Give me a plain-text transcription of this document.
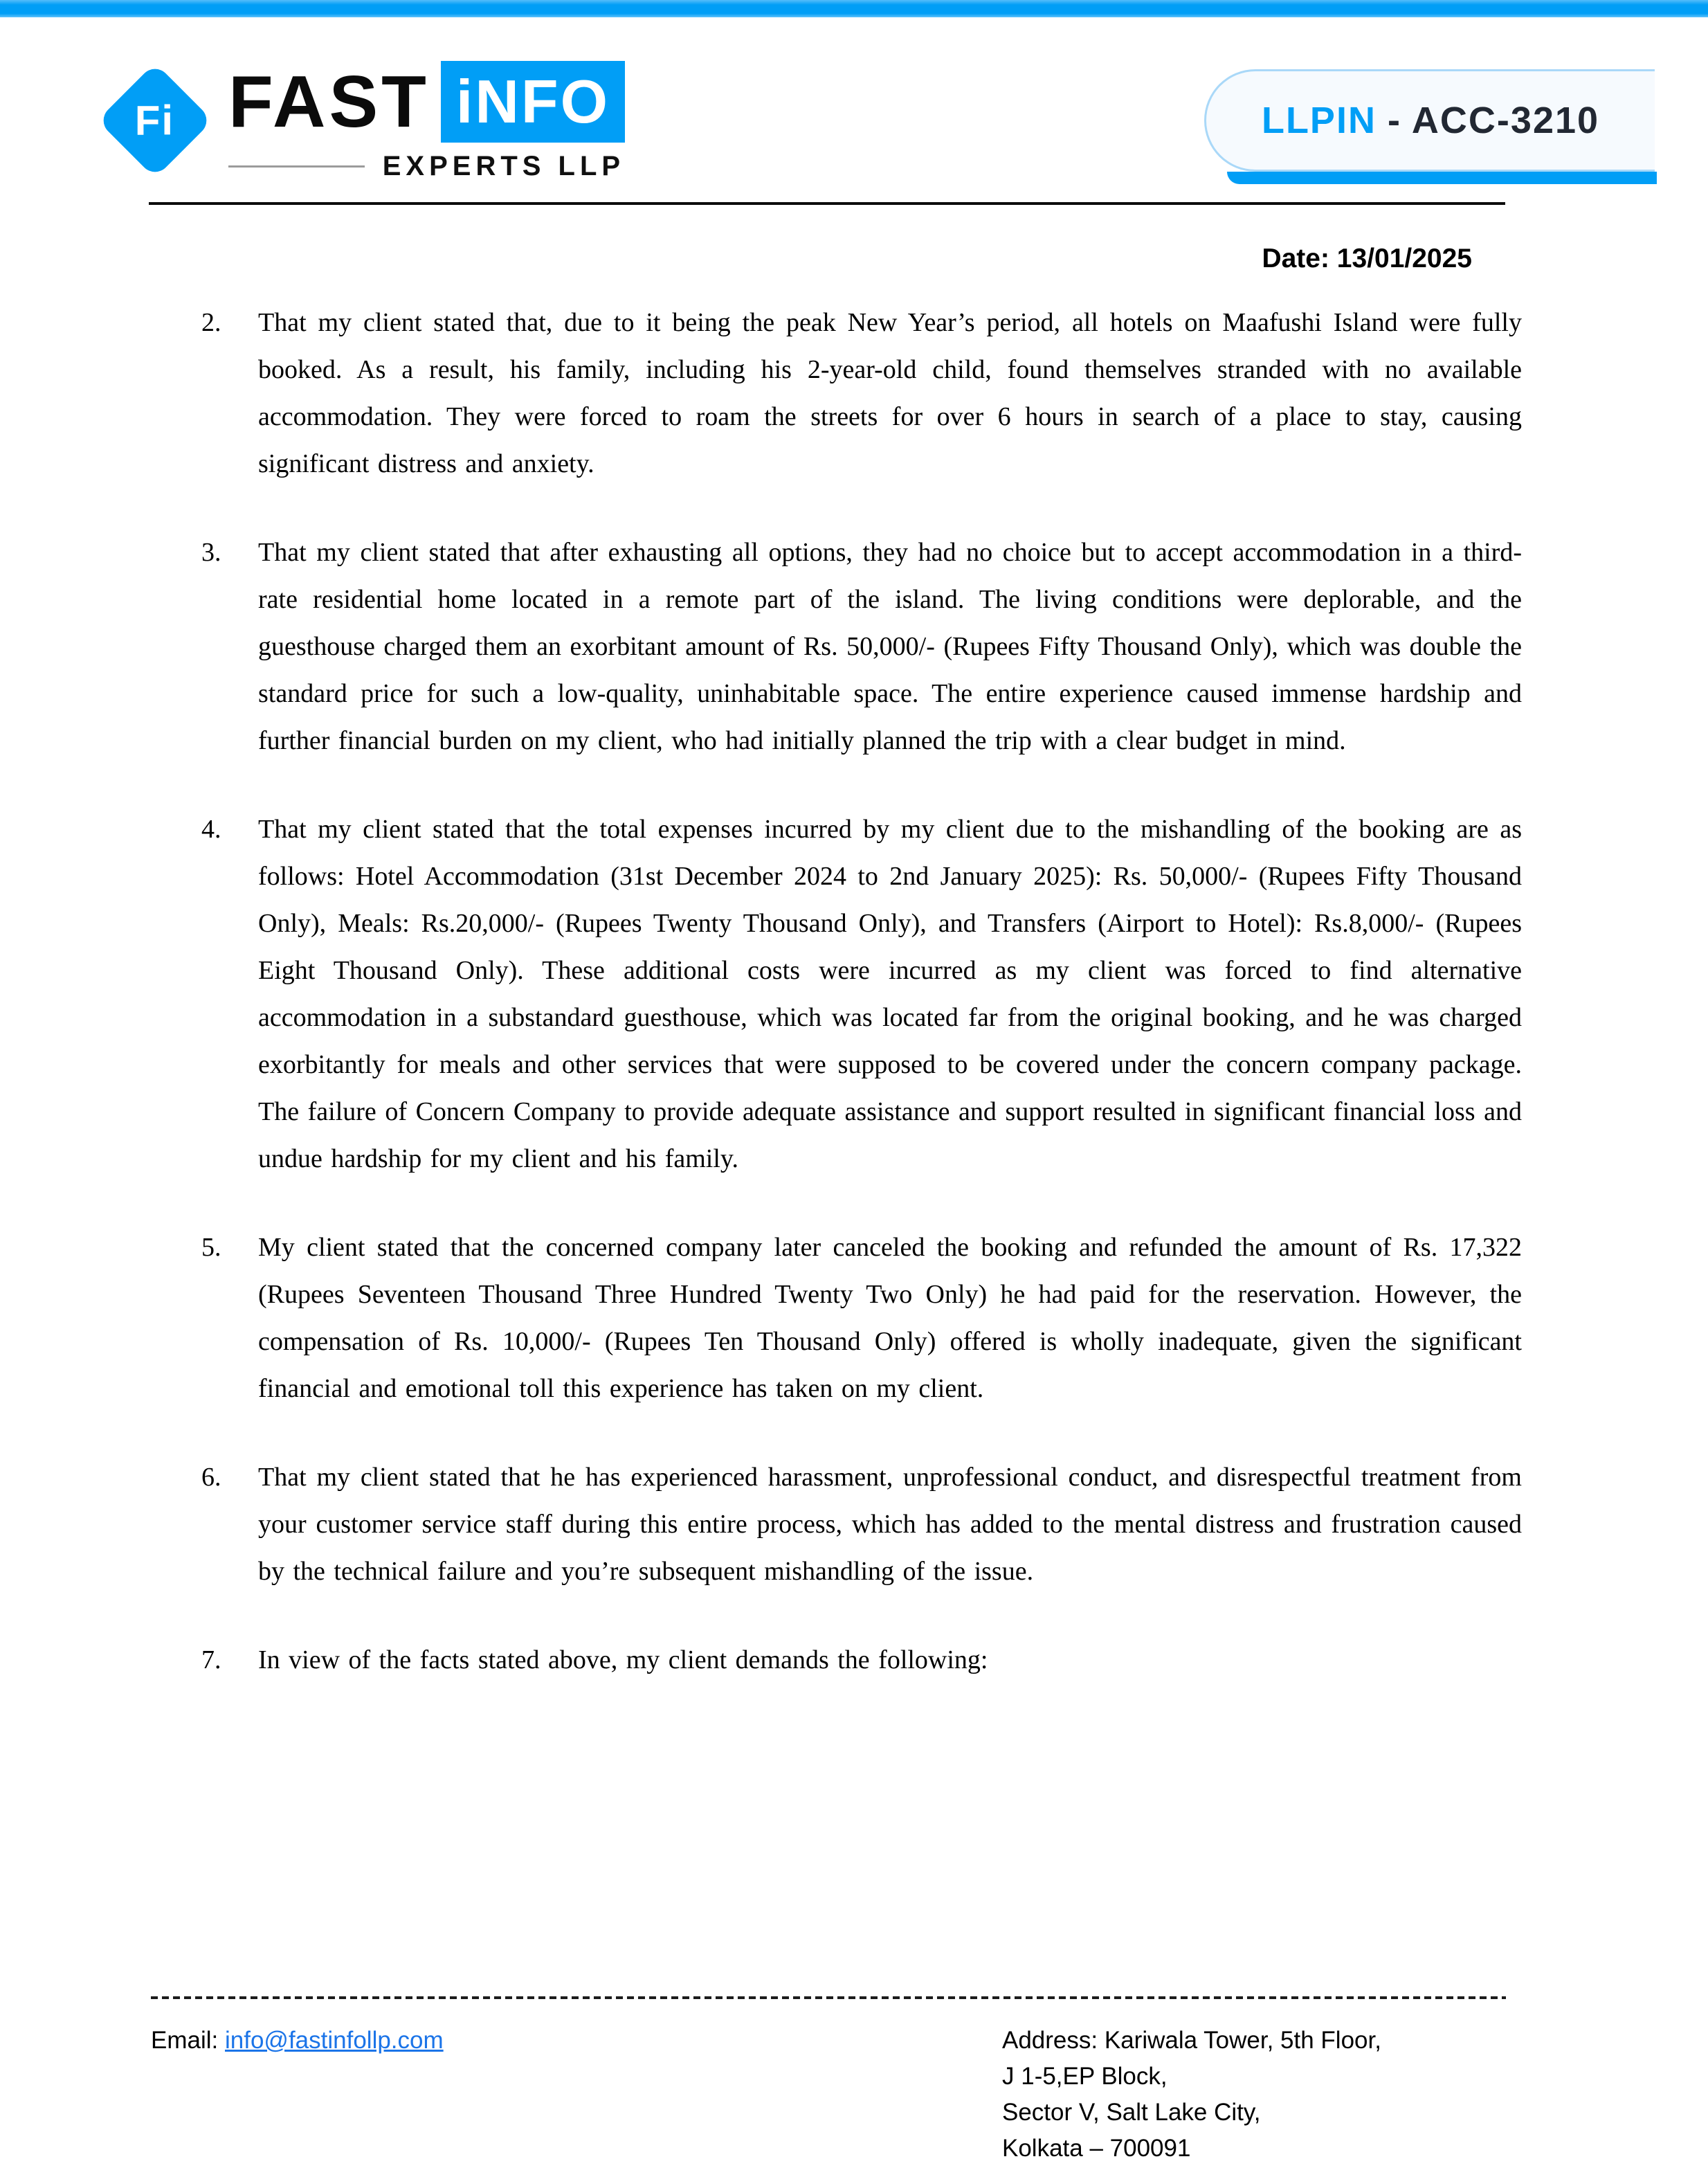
Fi FAST iNFO
EXPERTS LLP
LLPIN - ACC-3210
Date: 13/01/2025
2.	That my client stated that, due to it being the peak New Year’s period, all hotels on Maafushi Island were fully booked. As a result, his family, including his 2-year-old child, found themselves stranded with no available accommodation. They were forced to roam the streets for over 6 hours in search of a place to stay, causing significant distress and anxiety.
3.	That my client stated that after exhausting all options, they had no choice but to accept accommodation in a third-rate residential home located in a remote part of the island. The living conditions were deplorable, and the guesthouse charged them an exorbitant amount of Rs. 50,000/- (Rupees Fifty Thousand Only), which was double the standard price for such a low-quality, uninhabitable space. The entire experience caused immense hardship and further financial burden on my client, who had initially planned the trip with a clear budget in mind.
4.	That my client stated that the total expenses incurred by my client due to the mishandling of the booking are as follows: Hotel Accommodation (31st December 2024 to 2nd January 2025): Rs. 50,000/- (Rupees Fifty Thousand Only), Meals: Rs.20,000/- (Rupees Twenty Thousand Only), and Transfers (Airport to Hotel): Rs.8,000/- (Rupees Eight Thousand Only). These additional costs were incurred as my client was forced to find alternative accommodation in a substandard guesthouse, which was located far from the original booking, and he was charged exorbitantly for meals and other services that were supposed to be covered under the concern company package. The failure of Concern Company to provide adequate assistance and support resulted in significant financial loss and undue hardship for my client and his family.
5.	My client stated that the concerned company later canceled the booking and refunded the amount of Rs. 17,322 (Rupees Seventeen Thousand Three Hundred Twenty Two Only) he had paid for the reservation. However, the compensation of Rs. 10,000/- (Rupees Ten Thousand Only) offered is wholly inadequate, given the significant financial and emotional toll this experience has taken on my client.
6.	That my client stated that he has experienced harassment, unprofessional conduct, and disrespectful treatment from your customer service staff during this entire process, which has added to the mental distress and frustration caused by the technical failure and you’re subsequent mishandling of the issue.
7.	In view of the facts stated above, my client demands the following:
Email: info@fastinfollp.com	Address: Kariwala Tower, 5th Floor,
J 1-5,EP Block,
Sector V, Salt Lake City,
Kolkata – 700091
